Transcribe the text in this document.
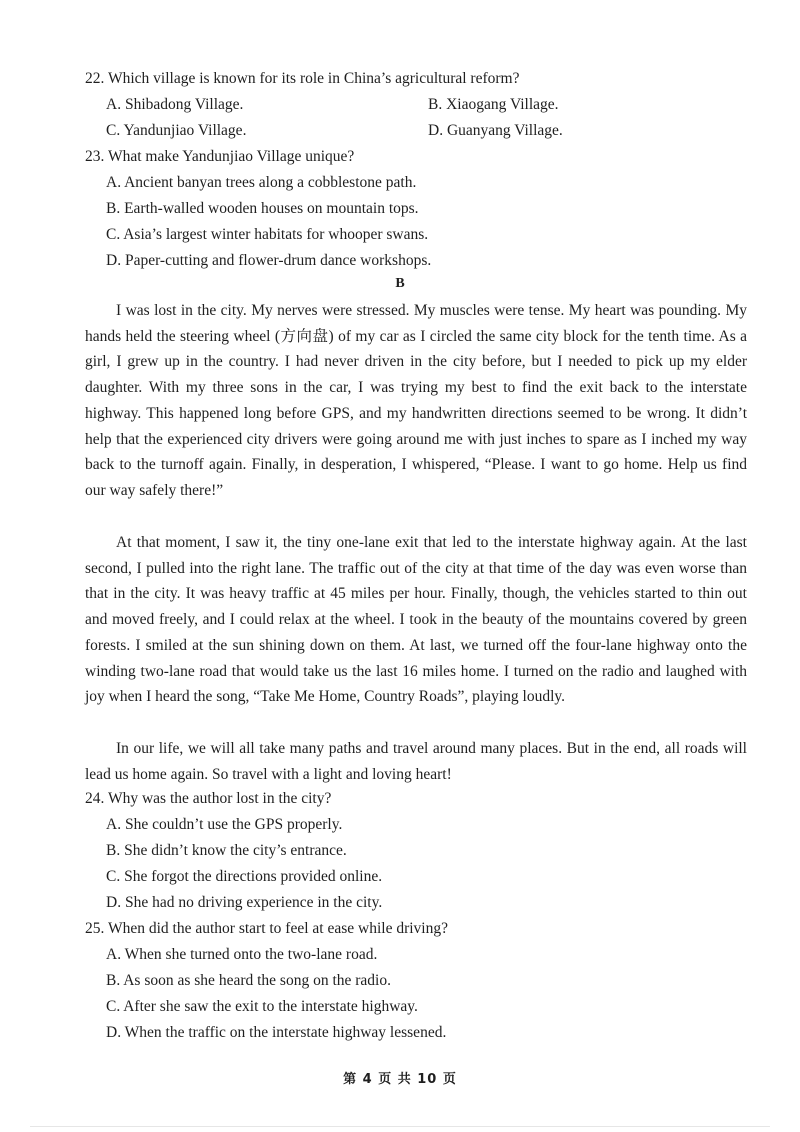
22. Which village is known for its role in China’s agricultural reform?
A. Shibadong Village.	B. Xiaogang Village.
C. Yandunjiao Village.	D. Guanyang Village.
23. What make Yandunjiao Village unique?
A. Ancient banyan trees along a cobblestone path.
B. Earth-walled wooden houses on mountain tops.
C. Asia’s largest winter habitats for whooper swans.
D. Paper-cutting and flower-drum dance workshops.
B
I was lost in the city. My nerves were stressed. My muscles were tense. My heart was pounding. My hands held the steering wheel (方向盘) of my car as I circled the same city block for the tenth time. As a girl, I grew up in the country. I had never driven in the city before, but I needed to pick up my elder daughter. With my three sons in the car, I was trying my best to find the exit back to the interstate highway. This happened long before GPS, and my handwritten directions seemed to be wrong. It didn’t help that the experienced city drivers were going around me with just inches to spare as I inched my way back to the turnoff again. Finally, in desperation, I whispered, “Please. I want to go home. Help us find our way safely there!”
At that moment, I saw it, the tiny one-lane exit that led to the interstate highway again. At the last second, I pulled into the right lane. The traffic out of the city at that time of the day was even worse than that in the city. It was heavy traffic at 45 miles per hour. Finally, though, the vehicles started to thin out and moved freely, and I could relax at the wheel. I took in the beauty of the mountains covered by green forests. I smiled at the sun shining down on them. At last, we turned off the four-lane highway onto the winding two-lane road that would take us the last 16 miles home. I turned on the radio and laughed with joy when I heard the song, “Take Me Home, Country Roads”, playing loudly.
In our life, we will all take many paths and travel around many places. But in the end, all roads will lead us home again. So travel with a light and loving heart!
24. Why was the author lost in the city?
A. She couldn’t use the GPS properly.
B. She didn’t know the city’s entrance.
C. She forgot the directions provided online.
D. She had no driving experience in the city.
25. When did the author start to feel at ease while driving?
A. When she turned onto the two-lane road.
B. As soon as she heard the song on the radio.
C. After she saw the exit to the interstate highway.
D. When the traffic on the interstate highway lessened.
第 4 页 共 10 页
